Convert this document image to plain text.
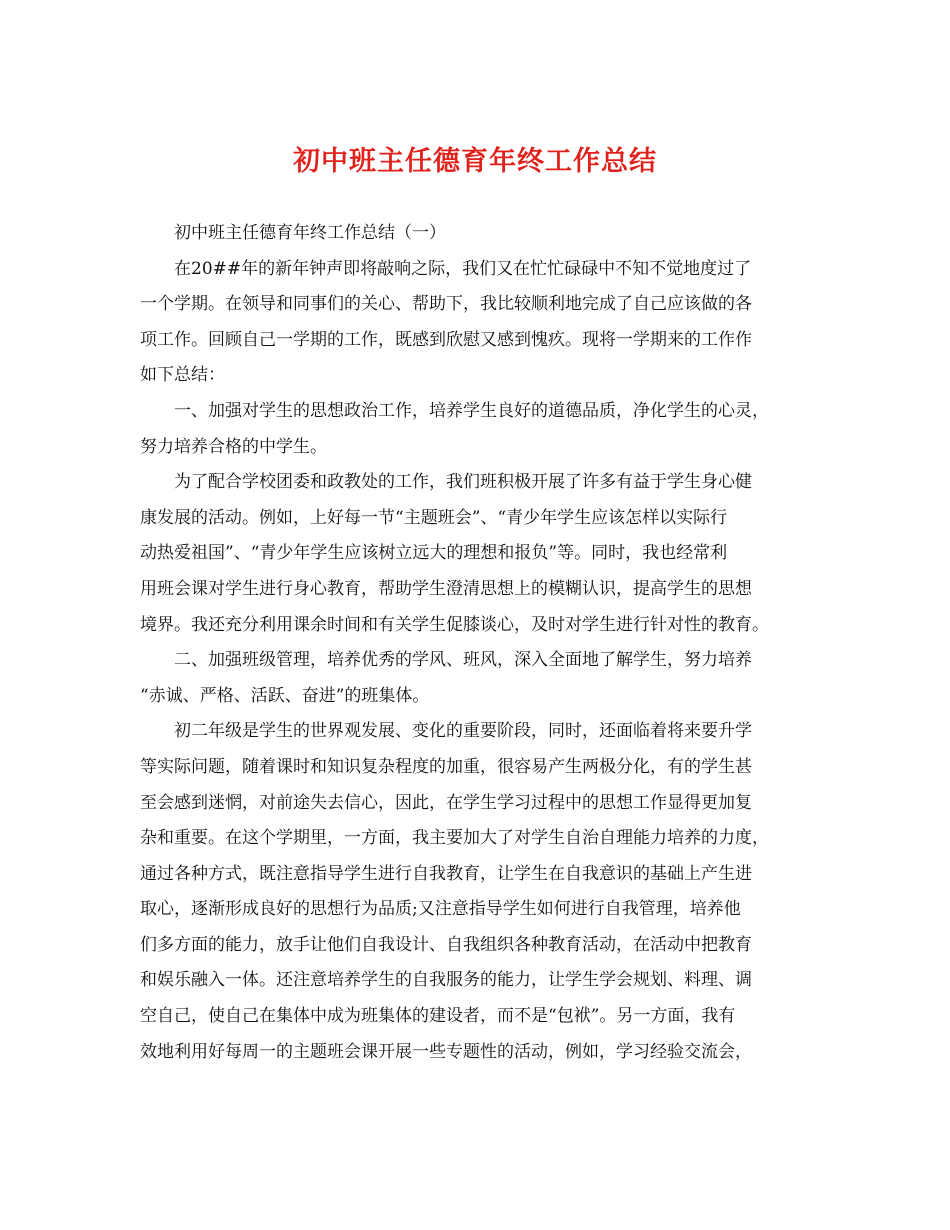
初中班主任德育年终工作总结

初中班主任德育年终工作总结（一）

在20##年的新年钟声即将敲响之际，我们又在忙忙碌碌中不知不觉地度过了

一个学期。在领导和同事们的关心、帮助下，我比较顺利地完成了自己应该做的各

项工作。回顾自己一学期的工作，既感到欣慰又感到愧疚。现将一学期来的工作作

如下总结：

一、加强对学生的思想政治工作，培养学生良好的道德品质，净化学生的心灵，

努力培养合格的中学生。

为了配合学校团委和政教处的工作，我们班积极开展了许多有益于学生身心健

康发展的活动。例如，上好每一节“主题班会”、“青少年学生应该怎样以实际行

动热爱祖国”、“青少年学生应该树立远大的理想和报负”等。同时，我也经常利

用班会课对学生进行身心教育，帮助学生澄清思想上的模糊认识，提高学生的思想

境界。我还充分利用课余时间和有关学生促膝谈心，及时对学生进行针对性的教育。

二、加强班级管理，培养优秀的学风、班风，深入全面地了解学生，努力培养

“赤诚、严格、活跃、奋进”的班集体。

初二年级是学生的世界观发展、变化的重要阶段，同时，还面临着将来要升学

等实际问题，随着课时和知识复杂程度的加重，很容易产生两极分化，有的学生甚

至会感到迷惘，对前途失去信心，因此，在学生学习过程中的思想工作显得更加复

杂和重要。在这个学期里，一方面，我主要加大了对学生自治自理能力培养的力度，

通过各种方式，既注意指导学生进行自我教育，让学生在自我意识的基础上产生进

取心，逐渐形成良好的思想行为品质;又注意指导学生如何进行自我管理，培养他

们多方面的能力，放手让他们自我设计、自我组织各种教育活动，在活动中把教育

和娱乐融入一体。还注意培养学生的自我服务的能力，让学生学会规划、料理、调

空自己，使自己在集体中成为班集体的建设者，而不是“包袱”。另一方面，我有

效地利用好每周一的主题班会课开展一些专题性的活动，例如，学习经验交流会，
